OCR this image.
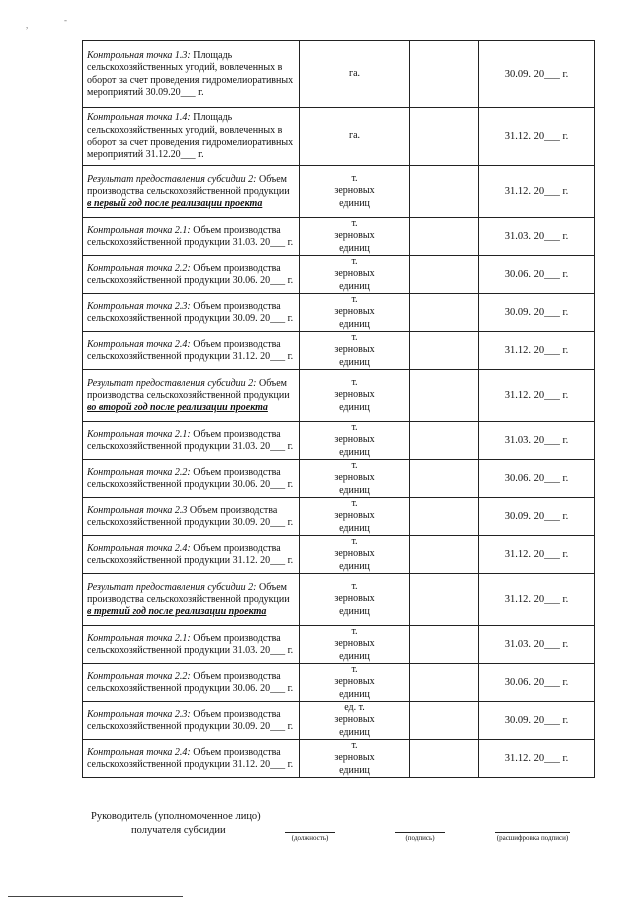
,	-
Контрольная точка 1.3: Площадь сельскохозяйственных угодий, вовлеченных в оборот за счет проведения гидромелиоративных мероприятий 30.09.20___ г.	га.		30.09. 20___ г.
Контрольная точка 1.4: Площадь сельскохозяйственных угодий, вовлеченных в оборот за счет проведения гидромелиоративных мероприятий 31.12.20___ г.	га.		31.12. 20___ г.
Результат предоставления субсидии 2: Объем производства сельскохозяйственной продукции в первый год после реализации проекта	т. зерновых единиц		31.12. 20___ г.
Контрольная точка 2.1: Объем производства сельскохозяйственной продукции 31.03. 20___ г.	т. зерновых единиц		31.03. 20___ г.
Контрольная точка 2.2: Объем производства сельскохозяйственной продукции 30.06. 20___ г.	т. зерновых единиц		30.06. 20___ г.
Контрольная точка 2.3: Объем производства сельскохозяйственной продукции 30.09. 20___ г.	т. зерновых единиц		30.09. 20___ г.
Контрольная точка 2.4: Объем производства сельскохозяйственной продукции 31.12. 20___ г.	т. зерновых единиц		31.12. 20___ г.
Результат предоставления субсидии 2: Объем производства сельскохозяйственной продукции во второй год после реализации проекта	т. зерновых единиц		31.12. 20___ г.
Контрольная точка 2.1: Объем производства сельскохозяйственной продукции 31.03. 20___ г.	т. зерновых единиц		31.03. 20___ г.
Контрольная точка 2.2: Объем производства сельскохозяйственной продукции 30.06. 20___ г.	т. зерновых единиц		30.06. 20___ г.
Контрольная точка 2.3 Объем производства сельскохозяйственной продукции 30.09. 20___ г.	т. зерновых единиц		30.09. 20___ г.
Контрольная точка 2.4: Объем производства сельскохозяйственной продукции 31.12. 20___ г.	т. зерновых единиц		31.12. 20___ г.
Результат предоставления субсидии 2: Объем производства сельскохозяйственной продукции в третий год после реализации проекта	т. зерновых единиц		31.12. 20___ г.
Контрольная точка 2.1: Объем производства сельскохозяйственной продукции 31.03. 20___ г.	т. зерновых единиц		31.03. 20___ г.
Контрольная точка 2.2: Объем производства сельскохозяйственной продукции 30.06. 20___ г.	т. зерновых единиц		30.06. 20___ г.
Контрольная точка 2.3: Объем производства сельскохозяйственной продукции 30.09. 20___ г.	ед. т. зерновых единиц		30.09. 20___ г.
Контрольная точка 2.4: Объем производства сельскохозяйственной продукции 31.12. 20___ г.	т. зерновых единиц		31.12. 20___ г.
Руководитель (уполномоченное лицо)
получателя субсидии
(должность)	(подпись)	(расшифровка подписи)
